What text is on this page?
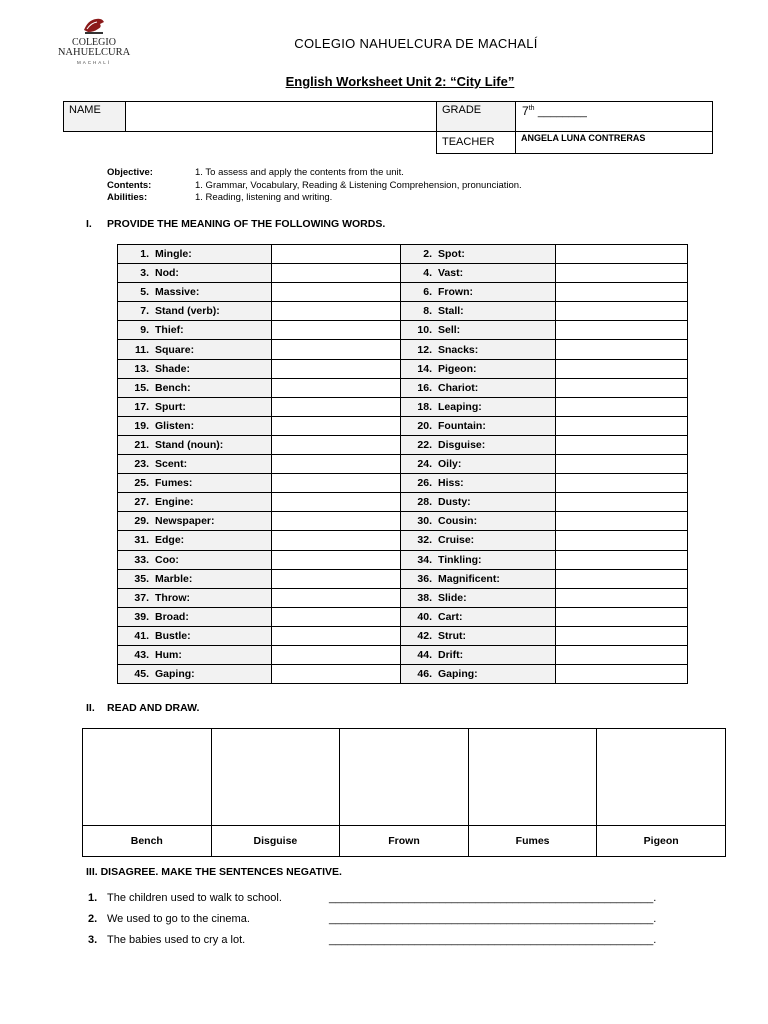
COLEGIO
NAHUELCURA
MACHALÍ
COLEGIO NAHUELCURA DE MACHALÍ
English Worksheet Unit 2: “City Life”
NAME	GRADE	7th ________
TEACHER	ANGELA LUNA CONTRERAS
Objective:	1. To assess and apply the contents from the unit.
Contents:	1. Grammar, Vocabulary, Reading & Listening Comprehension, pronunciation.
Abilities:	1. Reading, listening and writing.
I. PROVIDE THE MEANING OF THE FOLLOWING WORDS.
1. Mingle:		2. Spot:	
3. Nod:		4. Vast:	
5. Massive:		6. Frown:	
7. Stand (verb):		8. Stall:	
9. Thief:		10. Sell:	
11. Square:		12. Snacks:	
13. Shade:		14. Pigeon:	
15. Bench:		16. Chariot:	
17. Spurt:		18. Leaping:	
19. Glisten:		20. Fountain:	
21. Stand (noun):		22. Disguise:	
23. Scent:		24. Oily:	
25. Fumes:		26. Hiss:	
27. Engine:		28. Dusty:	
29. Newspaper:		30. Cousin:	
31. Edge:		32. Cruise:	
33. Coo:		34. Tinkling:	
35. Marble:		36. Magnificent:	
37. Throw:		38. Slide:	
39. Broad:		40. Cart:	
41. Bustle:		42. Strut:	
43. Hum:		44. Drift:	
45. Gaping:		46. Gaping:	
II. READ AND DRAW.

Bench	Disguise	Frown	Fumes	Pigeon
III. DISAGREE. MAKE THE SENTENCES NEGATIVE.
1. The children used to walk to school.	_____________________________________________________.
2. We used to go to the cinema.	_____________________________________________________.
3. The babies used to cry a lot.	_____________________________________________________.
